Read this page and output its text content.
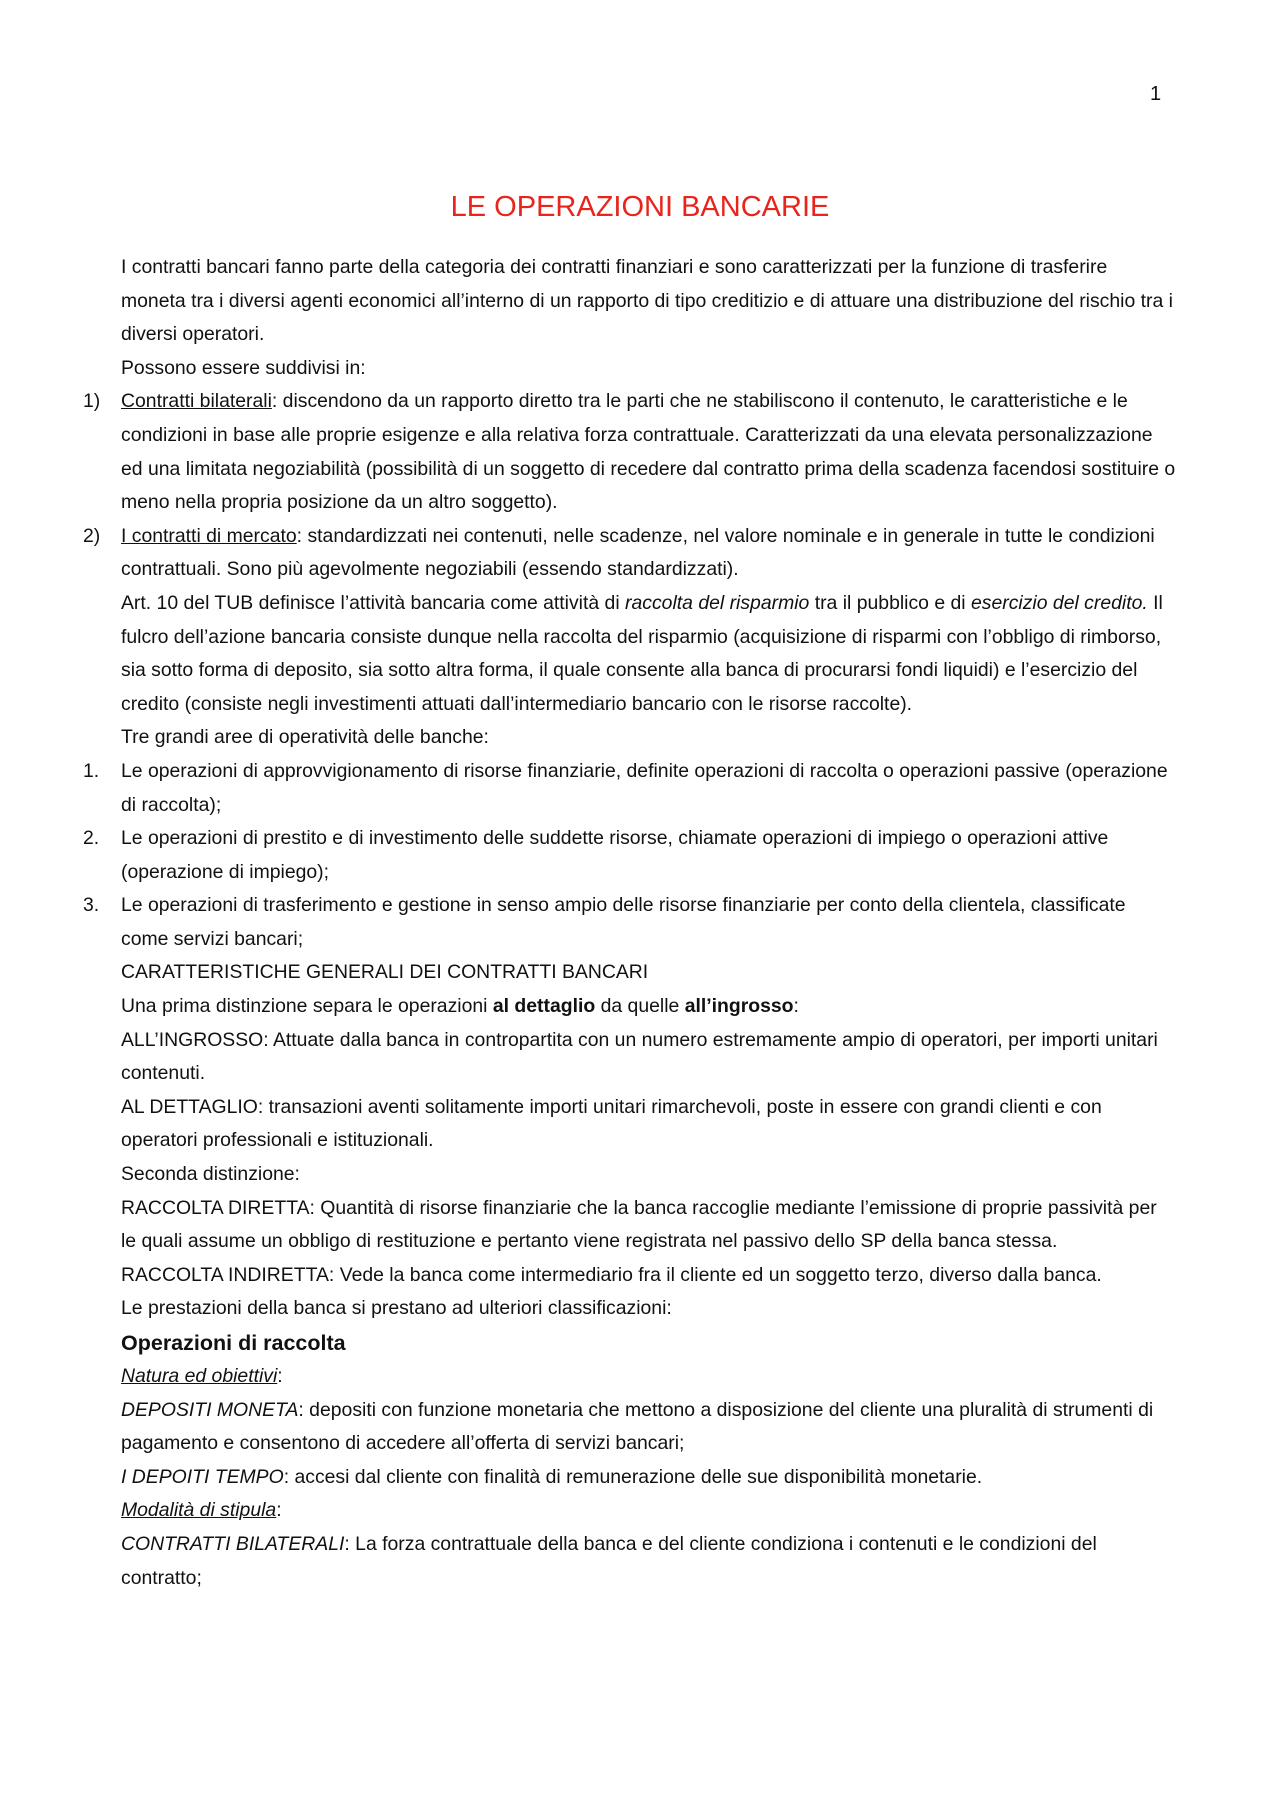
1
LE OPERAZIONI BANCARIE

I contratti bancari fanno parte della categoria dei contratti finanziari e sono caratterizzati per la funzione di trasferire moneta tra i diversi agenti economici all’interno di un rapporto di tipo creditizio e di attuare una distribuzione del rischio tra i diversi operatori.

Possono essere suddivisi in:

1) Contratti bilaterali: discendono da un rapporto diretto tra le parti che ne stabiliscono il contenuto, le caratteristiche e le condizioni in base alle proprie esigenze e alla relativa forza contrattuale. Caratterizzati da una elevata personalizzazione ed una limitata negoziabilità (possibilità di un soggetto di recedere dal contratto prima della scadenza facendosi sostituire o meno nella propria posizione da un altro soggetto).
2) I contratti di mercato: standardizzati nei contenuti, nelle scadenze, nel valore nominale e in generale in tutte le condizioni contrattuali. Sono più agevolmente negoziabili (essendo standardizzati).

Art. 10 del TUB definisce l’attività bancaria come attività di raccolta del risparmio tra il pubblico e di esercizio del credito. Il fulcro dell’azione bancaria consiste dunque nella raccolta del risparmio (acquisizione di risparmi con l’obbligo di rimborso, sia sotto forma di deposito, sia sotto altra forma, il quale consente alla banca di procurarsi fondi liquidi) e l’esercizio del credito (consiste negli investimenti attuati dall’intermediario bancario con le risorse raccolte).

Tre grandi aree di operatività delle banche:

1. Le operazioni di approvvigionamento di risorse finanziarie, definite operazioni di raccolta o operazioni passive (operazione di raccolta);
2. Le operazioni di prestito e di investimento delle suddette risorse, chiamate operazioni di impiego o operazioni attive (operazione di impiego);
3. Le operazioni di trasferimento e gestione in senso ampio delle risorse finanziarie per conto della clientela, classificate come servizi bancari;

CARATTERISTICHE GENERALI DEI CONTRATTI BANCARI

Una prima distinzione separa le operazioni al dettaglio da quelle all’ingrosso:

ALL’INGROSSO: Attuate dalla banca in contropartita con un numero estremamente ampio di operatori, per importi unitari contenuti.

AL DETTAGLIO: transazioni aventi solitamente importi unitari rimarchevoli, poste in essere con grandi clienti e con operatori professionali e istituzionali.

Seconda distinzione:

RACCOLTA DIRETTA: Quantità di risorse finanziarie che la banca raccoglie mediante l’emissione di proprie passività per le quali assume un obbligo di restituzione e pertanto viene registrata nel passivo dello SP della banca stessa.

RACCOLTA INDIRETTA: Vede la banca come intermediario fra il cliente ed un soggetto terzo, diverso dalla banca.

Le prestazioni della banca si prestano ad ulteriori classificazioni:

Operazioni di raccolta

Natura ed obiettivi:

DEPOSITI MONETA: depositi con funzione monetaria che mettono a disposizione del cliente una pluralità di strumenti di pagamento e consentono di accedere all’offerta di servizi bancari;

I DEPOITI TEMPO: accesi dal cliente con finalità di remunerazione delle sue disponibilità monetarie.

Modalità di stipula:

CONTRATTI BILATERALI: La forza contrattuale della banca e del cliente condiziona i contenuti e le condizioni del contratto;
